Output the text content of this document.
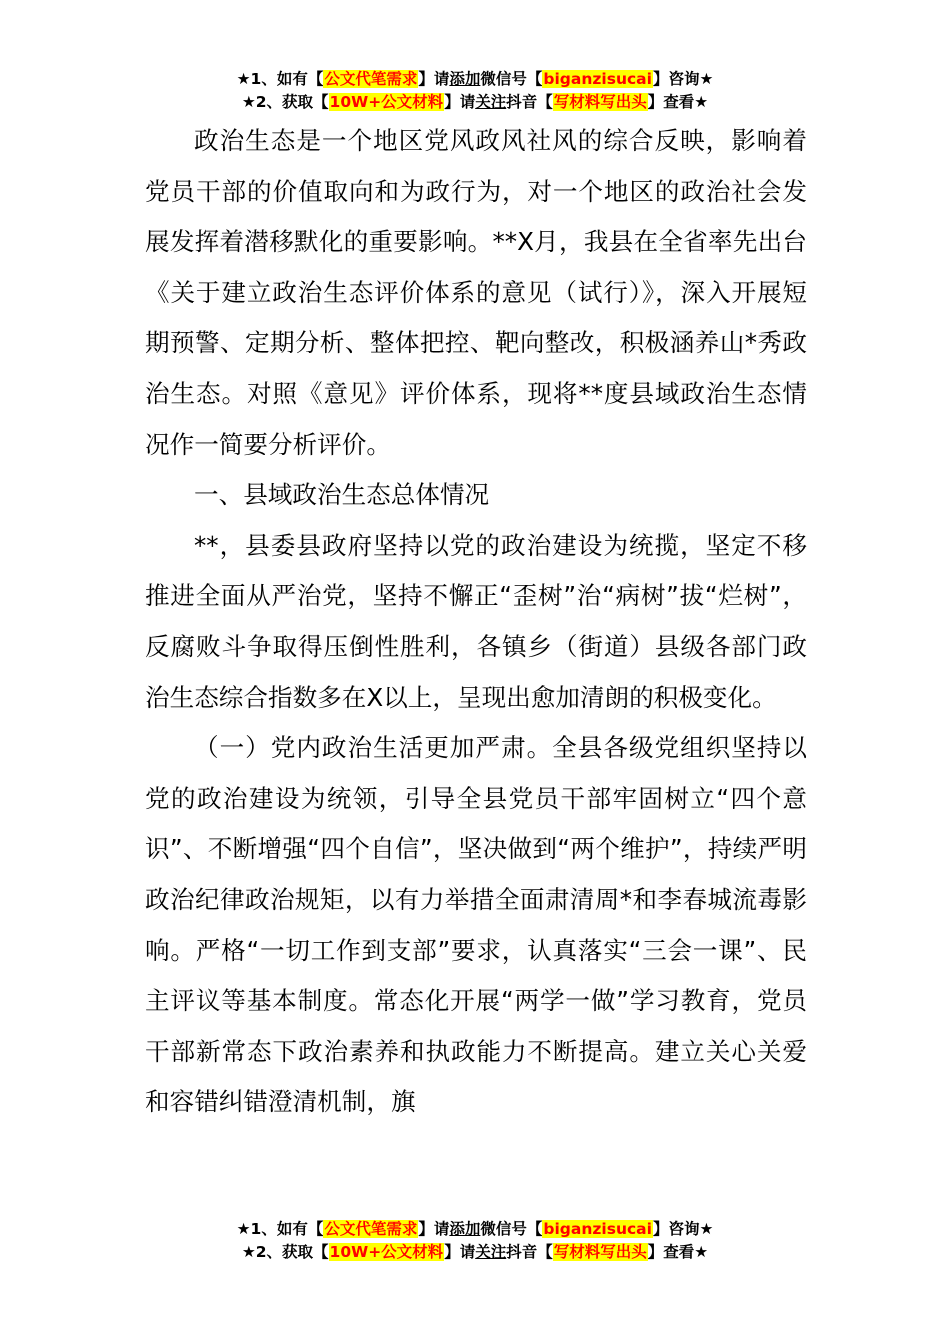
★1、如有【公文代笔需求】请添加微信号【biganzisucai】咨询★
★2、获取【10W+公文材料】请关注抖音【写材料写出头】查看★

政治生态是一个地区党风政风社风的综合反映，影响着党员干部的价值取向和为政行为，对一个地区的政治社会发展发挥着潜移默化的重要影响。**X月，我县在全省率先出台《关于建立政治生态评价体系的意见（试行）》，深入开展短期预警、定期分析、整体把控、靶向整改，积极涵养山*秀政治生态。对照《意见》评价体系，现将**度县域政治生态情况作一简要分析评价。

一、县域政治生态总体情况

**，县委县政府坚持以党的政治建设为统揽，坚定不移推进全面从严治党，坚持不懈正“歪树”治“病树”拔“烂树”，反腐败斗争取得压倒性胜利，各镇乡（街道）县级各部门政治生态综合指数多在X以上，呈现出愈加清朗的积极变化。

（一）党内政治生活更加严肃。全县各级党组织坚持以党的政治建设为统领，引导全县党员干部牢固树立“四个意识”、不断增强“四个自信”，坚决做到“两个维护”，持续严明政治纪律政治规矩，以有力举措全面肃清周*和李春城流毒影响。严格“一切工作到支部”要求，认真落实“三会一课”、民主评议等基本制度。常态化开展“两学一做”学习教育，党员干部新常态下政治素养和执政能力不断提高。建立关心关爱和容错纠错澄清机制，旗

★1、如有【公文代笔需求】请添加微信号【biganzisucai】咨询★
★2、获取【10W+公文材料】请关注抖音【写材料写出头】查看★
